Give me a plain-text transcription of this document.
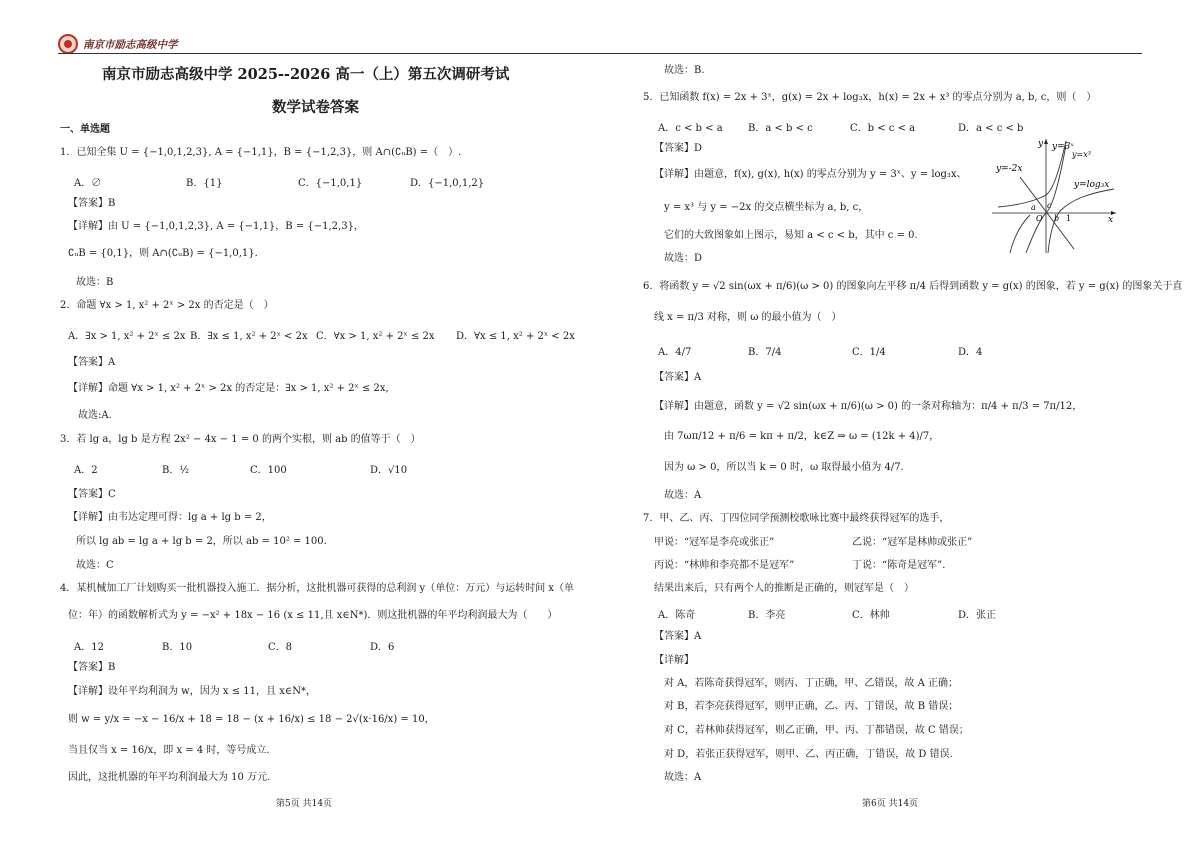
南京市励志高级中学
南京市励志高级中学 2025--2026 高一（上）第五次调研考试
数学试卷答案
一、单选题
1．已知全集 U = {−1,0,1,2,3}, A = {−1,1}，B = {−1,2,3}，则 A∩(∁ᵤB) =（　）.
A．∅	B．{1}	C．{−1,0,1}	D．{−1,0,1,2}
【答案】B
【详解】由 U = {−1,0,1,2,3}, A = {−1,1}，B = {−1,2,3}，
∁ᵤB = {0,1}，则 A∩(∁ᵤB) = {−1,0,1}.
故选：B
2．命题 ∀x > 1, x² + 2ˣ > 2x 的否定是（　）
A．∃x > 1, x² + 2ˣ ≤ 2x B．∃x ≤ 1, x² + 2ˣ < 2x C．∀x > 1, x² + 2ˣ ≤ 2x D．∀x ≤ 1, x² + 2ˣ < 2x
【答案】A
【详解】命题 ∀x > 1, x² + 2ˣ > 2x 的否定是：∃x > 1, x² + 2ˣ ≤ 2x,
故选:A.
3．若 lg a，lg b 是方程 2x² − 4x − 1 = 0 的两个实根，则 ab 的值等于（　）
A．2	B．½	C．100	D．√10
【答案】C
【详解】由韦达定理可得：lg a + lg b = 2，
所以 lg ab = lg a + lg b = 2，所以 ab = 10² = 100.
故选：C
4．某机械加工厂计划购买一批机器投入施工．据分析，这批机器可获得的总利润 y（单位：万元）与运转时间 x（单
位：年）的函数解析式为 y = −x² + 18x − 16 (x ≤ 11,且 x∈N*)．则这批机器的年平均利润最大为（　　）
A．12	B．10	C．8	D．6
【答案】B
【详解】设年平均利润为 w，因为 x ≤ 11，且 x∈N*，
则 w = y/x = −x − 16/x + 18 = 18 − (x + 16/x) ≤ 18 − 2√(x·16/x) = 10，
当且仅当 x = 16/x，即 x = 4 时，等号成立.
因此，这批机器的年平均利润最大为 10 万元.
第5页 共14页
故选：B.
5．已知函数 f(x) = 2x + 3ˣ，g(x) = 2x + log₃x，h(x) = 2x + x³ 的零点分别为 a, b, c，则（　）
A．c < b < a	B．a < b < c	C．b < c < a	D．a < c < b
【答案】D
【详解】由题意，f(x), g(x), h(x) 的零点分别为 y = 3ˣ、y = log₃x、
y = x³ 与 y = −2x 的交点横坐标为 a, b, c，
它们的大致图象如上图示，易知 a < c < b，其中 c = 0.
故选：D
y=3ˣ
y=x³
y=-2x
y=log₃x
O	1
a c
b	x
y
6．将函数 y = √2 sin(ωx + π/6)(ω > 0) 的图象向左平移 π/4 后得到函数 y = g(x) 的图象，若 y = g(x) 的图象关于直
线 x = π/3 对称，则 ω 的最小值为（　）
A．4/7	B．7/4	C．1/4	D．4
【答案】A
【详解】由题意，函数 y = √2 sin(ωx + π/6)(ω > 0) 的一条对称轴为：π/4 + π/3 = 7π/12，
由 7ωπ/12 + π/6 = kπ + π/2，k∈Z ⇒ ω = (12k + 4)/7，
因为 ω > 0，所以当 k = 0 时，ω 取得最小值为 4/7.
故选：A
7．甲、乙、丙、丁四位同学预测校歌咏比赛中最终获得冠军的选手，
甲说：“冠军是李亮或张正”	乙说：“冠军是林帅或张正”
丙说：“林帅和李亮都不是冠军”	丁说：“陈奇是冠军”．
结果出来后，只有两个人的推断是正确的，则冠军是（　）
A．陈奇	B．李亮	C．林帅	D．张正
【答案】A
【详解】
对 A，若陈奇获得冠军，则丙、丁正确，甲、乙错误，故 A 正确；
对 B，若李亮获得冠军，则甲正确，乙、丙、丁错误，故 B 错误；
对 C，若林帅获得冠军，则乙正确，甲、丙、丁都错误，故 C 错误；
对 D，若张正获得冠军，则甲、乙、丙正确，丁错误，故 D 错误.
故选：A
第6页 共14页
